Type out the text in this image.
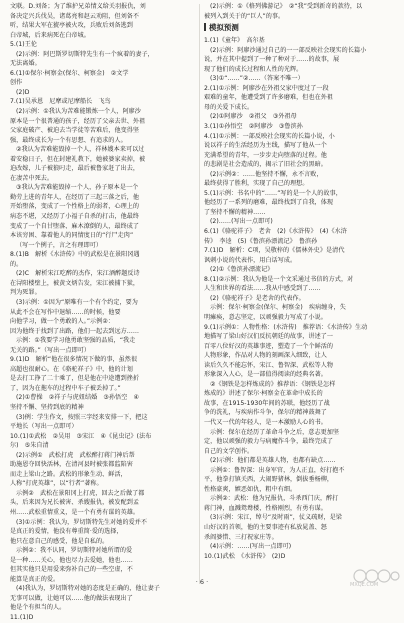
文联。D.刘备；为了维护兄弟情义给关羽报仇，刘
备决定兴兵伐吴，诸葛亮和赵云劝阻，但刘备不
听，结果大军在猇亭被火攻，兵败后刘备逃到
白帝城，后来病死在白帝城。
5.(1)王伦
(2)示例：阿巴斯罗切斯特先生有一个疯着的妻子，
无法离婚。
6.(1)①保尔·柯察金(保尔、柯察金)　②文学
创作
(2)D
7.(1)吴承恩　尼摩或尼摩船长　飞鸟
(2)示例：①我认为苦难能锻炼一个人，阿廖沙
原本是一个很普通的孩子，经历了父亲去世、外祖
父家庭破产、被迫去当学徒等苦难后，他变得坚
强，最终成长为一个有思想、有追求的人。
②我认为苦难能毁掉一个人，祥林嫂本来可以过
着安稳日子，但在封建礼教下，她被婆家卖掉，被
迫改嫁，儿子被狼叼走，最后被鲁家赶了出去，
在凄苦中死去。
③我认为苦难能毁掉一个人，孙子原本是一个
勤劳上进的青年人，在经历了三起三落之后，他
开始堕落，变成了一个性格上的弱者，心理上的
病态不堪，又经历了小福子自杀的打击，他最终
变成了一个自甘堕落、麻木潦倒的人，最终成了
本该穷困、靠着他人的同情度日的“行尸走肉”
（写一个例子，言之有理即可）
8.(1)B　解析《水浒传》中的武松是在景阳冈遇
的。
(2)C　解析宋江吃醉的杰作，宋江酒醉题反诗
在浔阳楼壁上，被黄文炳告发，宋江被捕下狱，
判为死罪。
(3)示例：①因为“原唯有一个有个约定，要为
从此不会在写作中退缩……的时候，他要
向他学习，做一个勇敢的人。”示例②：
因为他终于找到了出路，他们一起去到远方……
示例：①我要学习他勇敢坚强的品质，“我走
无关的路。”（写出一点即可）
9.(1)D　解析“他在很多情况下做的事，虽然很
高超也很耐心。在《骆驼祥子》中，他的计划
是去打工挣了二十乘了，但是他在中途遭到挫折
了，因为在拖车的过程中车子被丢掉了。”
(2)①曹操　②祥子与虎妞结婚　③孙悟空　④
坚持不懈、坚持到底的精神
(3)例：学生作文，按照三字经来安排一下，把这
平地长（写出一点即可）
10.(1)①武松　②吴用　③宋江　④《昆虫记》(法布
尔)　⑤朱自清
(2)示例①　武松打虎　武松醉打蒋门神后帮
助施恩夺回快活林，在清河县时被张都监陷害
而走上梁山之路。武松的形象生动、鲜活，
人称“打虎英雄”，以“行者”著称。
示例②　武松在景阳冈上打虎，回去之后做了都
头，后来因为兄长被害、杀嫂报仇，被发配到孟
州……武松重情重义，是一个有勇有谋的英雄。
(3)①示例：我认为，罗切斯特先生对她的爱并不
是真正的爱情，他没有尊重简·爱的选择，
他只在意自己的感受，他是自私的。
示例②：我不认同，罗切斯特对她所谓的爱
是一种……关心，他也尽力去爱她，他也……
但其实他只是用爱来弥补自己的一些空虚，不
能算是真正的爱。
(4)我认为，罗切斯特对她的态度是正确的，他让妻子
无事可以做，让她可以……他的做法表现出了
他是个有担当的人。
11.(1)D
(2)示例：①《格列佛游记》　②“我”受到新奇的款待，以
被列入到关于的“巨人”的事。
模拟预测
1.(1)《童年》　高尔基
(2)示例：阿廖沙通过自己的一一部反映社会现实的长篇小
说，并在其中提到了一种了种对于……的故事，展
现了他们的成长过程和人性的光辉。
(3)①“……”②……（答案不唯一）
2.(1)①示例：阿廖沙在外祖父家中度过了一段
艰难的童年，他遭受到了许多磨难，但也在外祖
母的关爱下成长。
(2)①阿廖沙　②祖父　③外祖母
3.(1)①孙悟空　②阿廖沙　③鲁滨孙
4.(1)①示例：一部反映社会现实的长篇小说，小
说以祥子的生活经历为主线，描写了他从一个
充满希望的青年，一步步走向堕落的过程。他
的悲剧是社会造成的，揭示了旧社会的黑暗。
(2)示例②：……他坚持不懈，永不言败，
最终获得了胜利，实现了自己的理想。
5.(1)示例：书名中的“……”写的是一个人的故事，
他经历了一系列的磨难，最终找到了自我，体现
了坚持不懈的精神……
(2)……(写出一点即可)
6.(1)《骆驼祥子》　老舍　(2)《水浒传》　(4)《水浒
传》　李逵　(5)《鲁滨孙漂流记》　鲁滨孙
7.(1)D　解析：C项，吴敬梓的《儒林外史》是清代
讽刺小说的代表作，用白话写成。
(2)①《鲁滨孙漂流记》
8.(1)②示例：我认为他是一个文采通过书信的方式，对
人生和世界的看法……我从中感受到了……
(2)《骆驼祥子》是老舍的代表作。
示例：保尔·柯察金(保尔、柯察金)　疾病缠身，失
明瘫痪，意志坚定，以顽强毅力写成了小说。
9.(1)示例①：人物性格：(水浒传)　推荐语：《水浒传》生动
地描写了梁山好汉们反抗朝廷的故事，讲述了一
百零八位好汉的英雄事迹，塑造了一个个鲜活的
人物形象，作品对人物的刻画深入细致，让人
读后久久不能忘怀，宋江、鲁智深、武松等人物
形象深入人心，是一部值得阅读的经典名著。
②《钢铁是怎样炼成的》推荐语：《钢铁是怎样
炼成的》讲述了保尔·柯察金在革命中成长的
故事，在1915-1930年间的苏联，他经历了战
争的洗礼，与疾病作斗争，保尔的精神鼓舞了
一代又一代的年轻人，是一本激励人心的书。
示例：保尔在经历了革命斗争之后，意志更加坚
定，他以顽强的毅力与病魔作斗争，最终完成了
自己的文学创作。
(2)示例：他们都是英雄人物，也都有缺点……
示例①：鲁智深：出身军官，为人正直，好打抱不
平，他拳打镇关西，大闹野猪林，倒拔垂杨柳，
性格豪爽，嫉恶如仇，粗中有细。
示例②：武松：他为兄报仇，斗杀西门庆，醉打
蒋门神，血溅鸳鸯楼，性格刚烈，有勇有谋。
(3)示例：宋江，绰号“及时雨”，仗义疏财，是梁
山好汉的首领，他的主要事迹有私放晁盖、怒
杀阎婆惜、三打祝家庄等。
(4)示例：……(写出一点即可)
10.(1)武松　《水浒传》　(2)D
· 6 ·	MXQE.COM
